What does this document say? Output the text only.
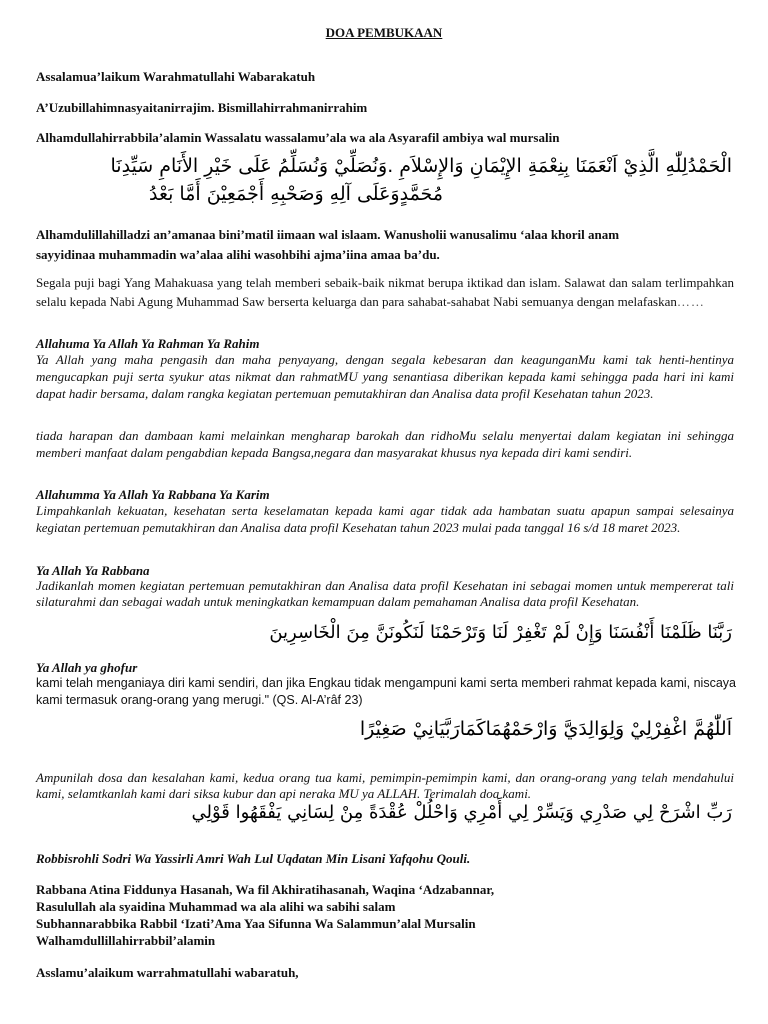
DOA PEMBUKAAN
Assalamua’laikum Warahmatullahi Wabarakatuh
A’Uzubillahimnasyaitanirrajim. Bismillahirrahmanirrahim
Alhamdullahirrabbila’alamin Wassalatu wassalamu’ala wa ala Asyarafil ambiya wal mursalin
الْحَمْدُلِلّٰهِ الَّذِيْ اَنْعَمَنَا بِنِعْمَةِ الإِيْمَانِ وَالإِسْلاَمِ .وَنُصَلِّيْ وَنُسَلِّمُ عَلَى خَيْرِ الأَنَامِ سَيِّدِنَا
مُحَمَّدٍوَعَلَى آلِهِ وَصَحْبِهِ أَجْمَعِيْنَ أَمَّا بَعْدُ
Alhamdulillahilladzi an’amanaa bini’matil iimaan wal islaam. Wanusholii wanusalimu ‘alaa khoril anam
sayyidinaa muhammadin wa’alaa alihi wasohbihi ajma’iina amaa ba’du.
Segala puji bagi Yang Mahakuasa yang telah memberi sebaik-baik nikmat berupa iktikad dan islam. Salawat dan salam terlimpahkan selalu kepada Nabi Agung Muhammad Saw berserta keluarga dan para sahabat-sahabat Nabi semuanya dengan melafaskan……
Allahuma Ya Allah Ya Rahman Ya Rahim
Ya Allah yang maha pengasih dan maha penyayang, dengan segala kebesaran dan keagunganMu kami tak henti-hentinya mengucapkan puji serta syukur atas nikmat dan rahmatMU yang senantiasa diberikan kepada kami sehingga pada hari ini kami dapat hadir bersama, dalam rangka kegiatan pertemuan pemutakhiran dan Analisa data profil Kesehatan tahun 2023.
tiada harapan dan dambaan kami melainkan mengharap barokah dan ridhoMu selalu menyertai dalam kegiatan ini sehingga memberi manfaat dalam pengabdian kepada Bangsa,negara dan masyarakat khusus nya kepada diri kami sendiri.
Allahumma Ya Allah Ya Rabbana Ya Karim
Limpahkanlah kekuatan, kesehatan serta keselamatan kepada kami agar tidak ada hambatan suatu apapun sampai selesainya kegiatan pertemuan pemutakhiran dan Analisa data profil Kesehatan tahun 2023 mulai pada tanggal 16 s/d 18 maret 2023.
Ya Allah Ya Rabbana
Jadikanlah momen kegiatan pertemuan pemutakhiran dan Analisa data profil Kesehatan ini sebagai momen untuk mempererat tali silaturahmi dan sebagai wadah untuk meningkatkan kemampuan dalam pemahaman Analisa data profil Kesehatan.
رَبَّنَا ظَلَمْنَا أَنْفُسَنَا وَإِنْ لَمْ تَغْفِرْ لَنَا وَتَرْحَمْنَا لَنَكُونَنَّ مِنَ الْخَاسِرِينَ
Ya Allah ya ghofur
kami telah menganiaya diri kami sendiri, dan jika Engkau tidak mengampuni kami serta memberi rahmat kepada kami, niscaya kami termasuk orang-orang yang merugi." (QS. Al-A’râf 23)
اَللّٰهُمَّ اغْفِرْلِيْ وَلِوَالِدَيَّ وَارْحَمْهُمَاكَمَارَبَّيَانِيْ صَغِيْرًا
Ampunilah dosa dan kesalahan kami, kedua orang tua kami, pemimpin-pemimpin kami, dan orang-orang yang telah mendahului kami, selamtkanlah kami dari siksa kubur dan api neraka MU ya ALLAH. Terimalah doa kami.
رَبِّ اشْرَحْ لِي صَدْرِي وَيَسِّرْ لِي أَمْرِي وَاحْلُلْ عُقْدَةً مِنْ لِسَانِي يَفْقَهُوا قَوْلِي
Robbisrohli Sodri Wa Yassirli Amri Wah Lul Uqdatan Min Lisani Yafqohu Qouli.
Rabbana Atina Fiddunya Hasanah, Wa fil Akhiratihasanah, Waqina ‘Adzabannar,
Rasulullah ala syaidina Muhammad wa ala alihi wa sabihi salam
Subhannarabbika Rabbil ‘Izati’Ama Yaa Sifunna Wa Salammun’alal Mursalin
Walhamdullillahirrabbil’alamin
Asslamu’alaikum warrahmatullahi wabaratuh,
